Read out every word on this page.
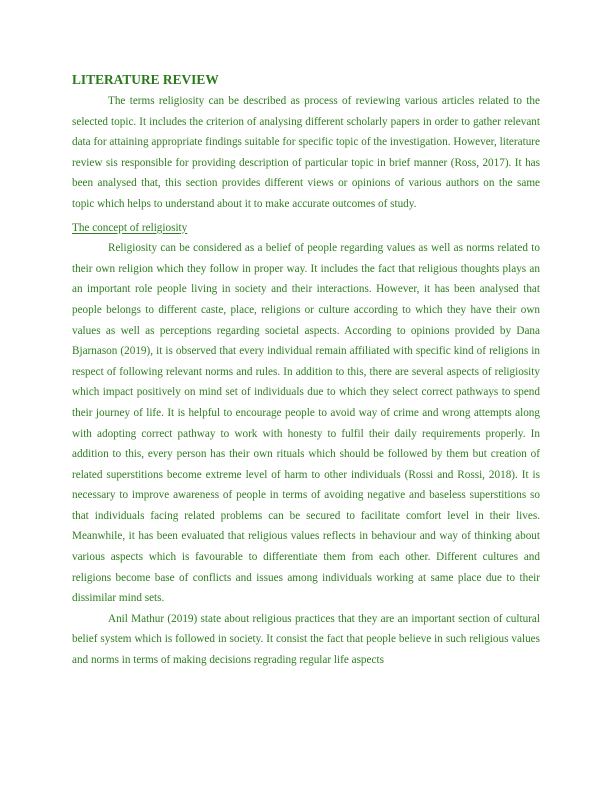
LITERATURE REVIEW

The terms religiosity can be described as process of reviewing various articles related to the selected topic. It includes the criterion of analysing different scholarly papers in order to gather relevant data for attaining appropriate findings suitable for specific topic of the investigation. However, literature review sis responsible for providing description of particular topic in brief manner (Ross, 2017). It has been analysed that, this section provides different views or opinions of various authors on the same topic which helps to understand about it to make accurate outcomes of study.

The concept of religiosity

Religiosity can be considered as a belief of people regarding values as well as norms related to their own religion which they follow in proper way. It includes the fact that religious thoughts plays an an important role people living in society and their interactions. However, it has been analysed that people belongs to different caste, place, religions or culture according to which they have their own values as well as perceptions regarding societal aspects. According to opinions provided by Dana Bjarnason (2019), it is observed that every individual remain affiliated with specific kind of religions in respect of following relevant norms and rules. In addition to this, there are several aspects of religiosity which impact positively on mind set of individuals due to which they select correct pathways to spend their journey of life. It is helpful to encourage people to avoid way of crime and wrong attempts along with adopting correct pathway to work with honesty to fulfil their daily requirements properly. In addition to this, every person has their own rituals which should be followed by them but creation of related superstitions become extreme level of harm to other individuals (Rossi and Rossi, 2018). It is necessary to improve awareness of people in terms of avoiding negative and baseless superstitions so that individuals facing related problems can be secured to facilitate comfort level in their lives. Meanwhile, it has been evaluated that religious values reflects in behaviour and way of thinking about various aspects which is favourable to differentiate them from each other. Different cultures and religions become base of conflicts and issues among individuals working at same place due to their dissimilar mind sets.

Anil Mathur (2019) state about religious practices that they are an important section of cultural belief system which is followed in society. It consist the fact that people believe in such religious values and norms in terms of making decisions regrading regular life aspects
